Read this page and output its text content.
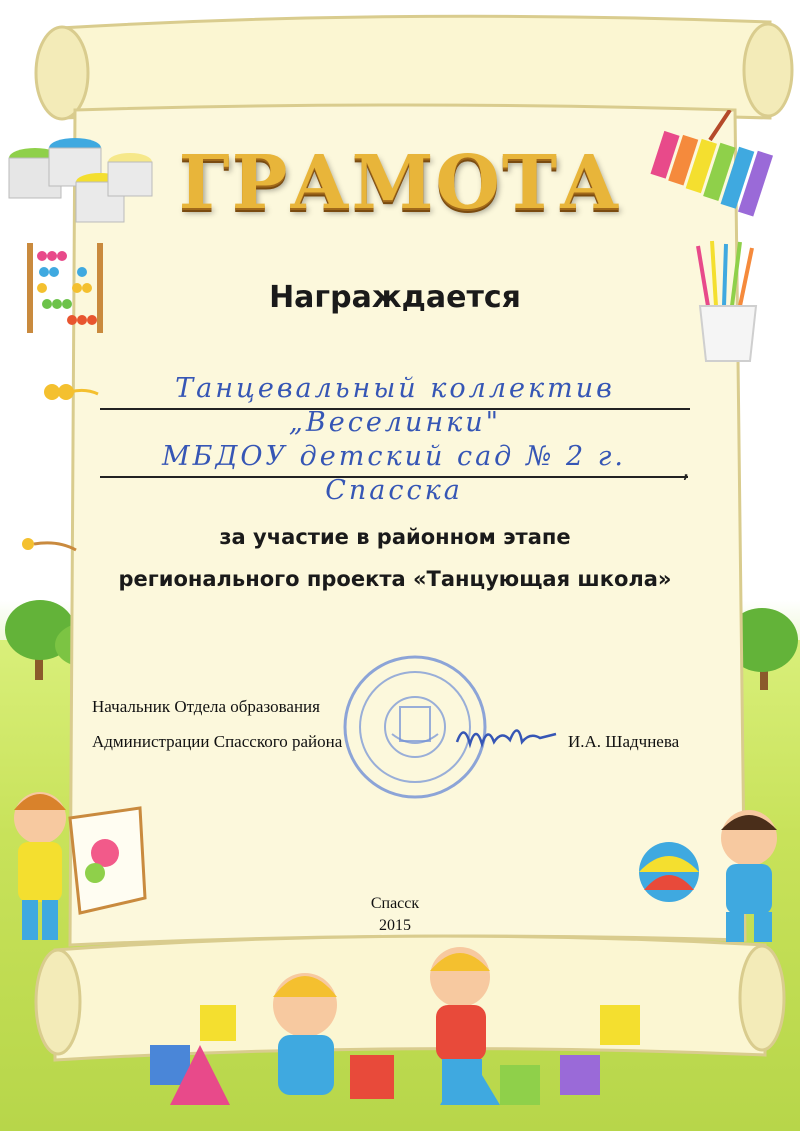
ГРАМОТА
Награждается
Танцевальный коллектив „Веселинки"
МБДОУ детский сад № 2 г. Спасска
,
за участие в районном этапе
регионального проекта «Танцующая школа»
Начальник Отдела образования
Администрации Спасского района	И.А. Шадчнева
Спасск
2015
